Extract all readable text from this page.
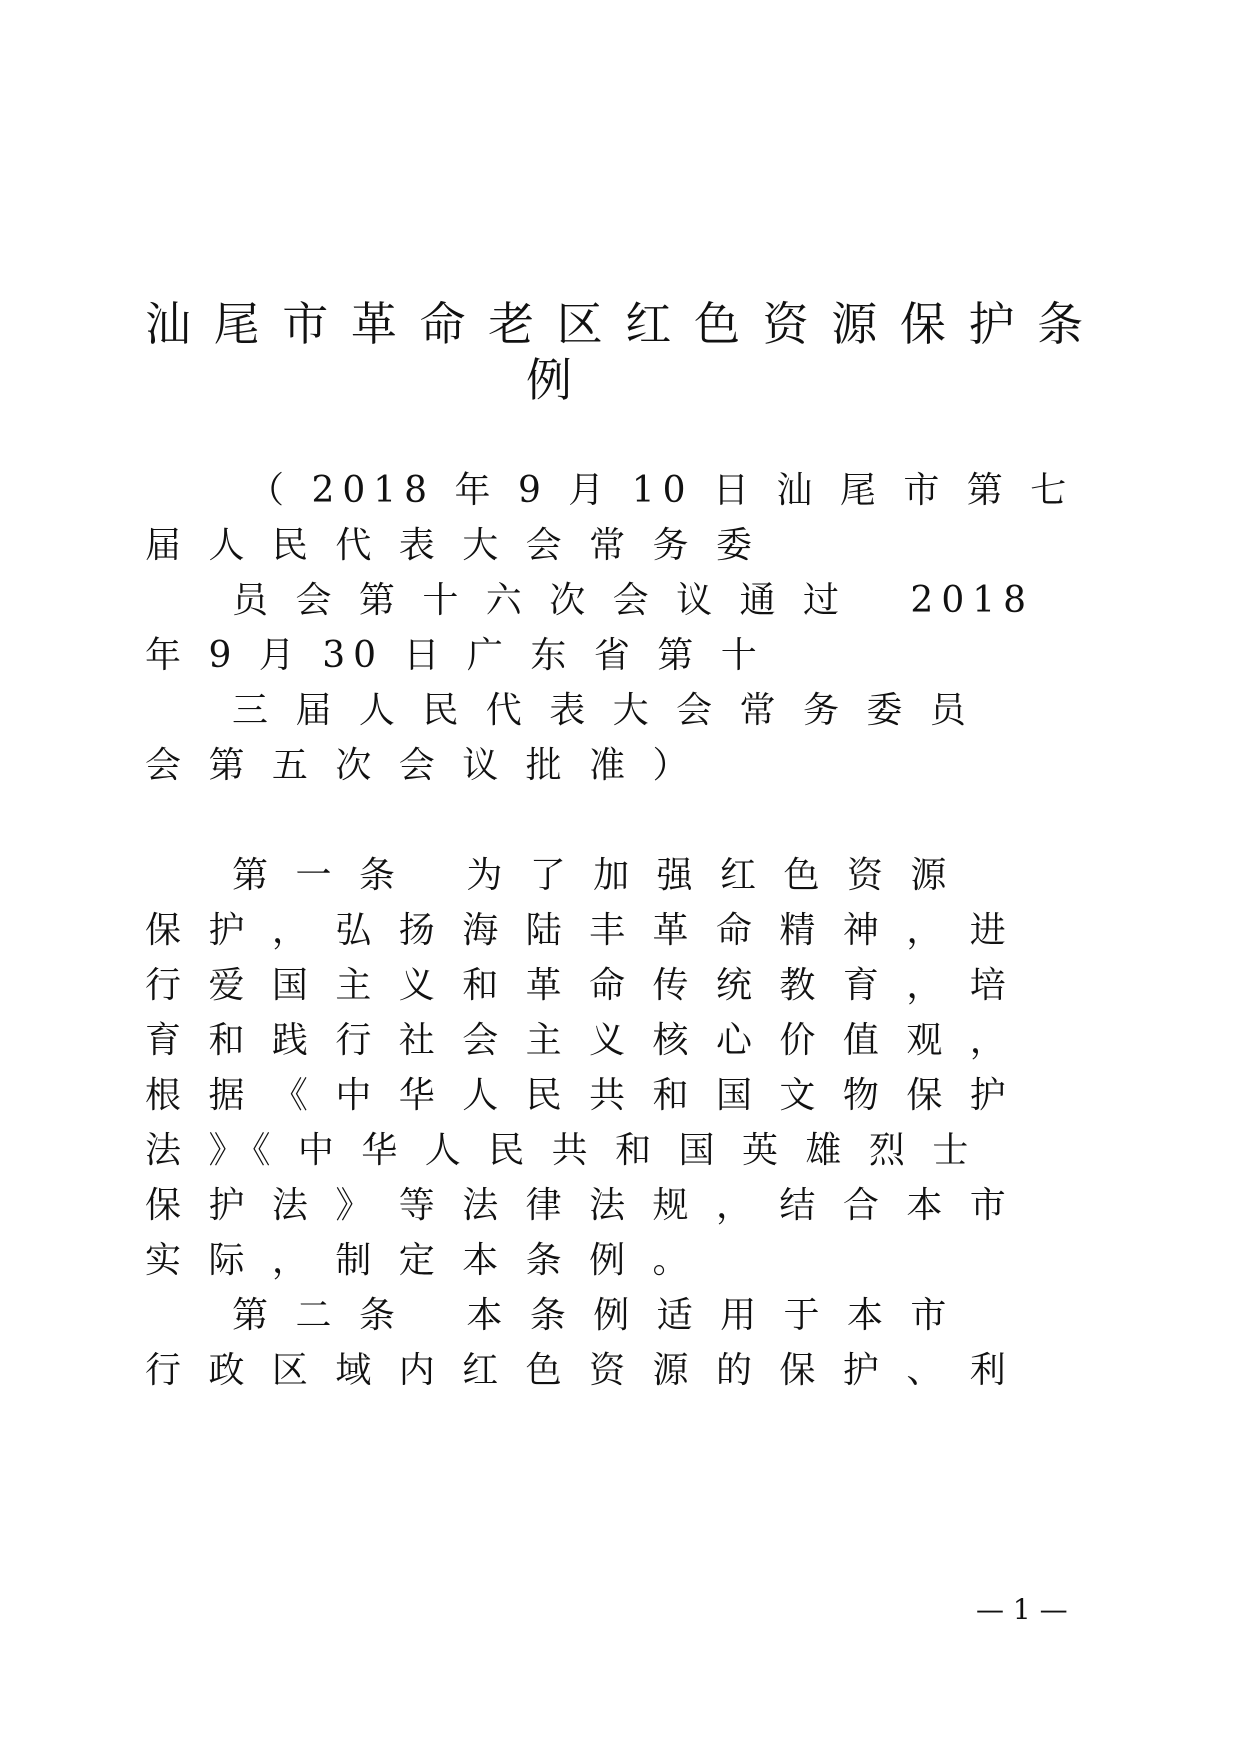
汕 尾 市 革 命 老 区 红 色 资 源 保 护 条
例
（ 2018 年 9 月 10 日 汕 尾 市 第 七
届 人 民 代 表 大 会 常 务 委
员 会 第 十 六 次 会 议 通 过　 2018
年 9 月 30 日 广 东 省 第 十
三 届 人 民 代 表 大 会 常 务 委 员
会 第 五 次 会 议 批 准 ）
第 一 条　 为 了 加 强 红 色 资 源
保 护 ， 弘 扬 海 陆 丰 革 命 精 神 ， 进
行 爱 国 主 义 和 革 命 传 统 教 育 ， 培
育 和 践 行 社 会 主 义 核 心 价 值 观 ，
根 据 《 中 华 人 民 共 和 国 文 物 保 护
法 》《 中 华 人 民 共 和 国 英 雄 烈 士
保 护 法 》 等 法 律 法 规 ， 结 合 本 市
实 际 ， 制 定 本 条 例 。
第 二 条　 本 条 例 适 用 于 本 市
行 政 区 域 内 红 色 资 源 的 保 护 、 利
— 1 —
